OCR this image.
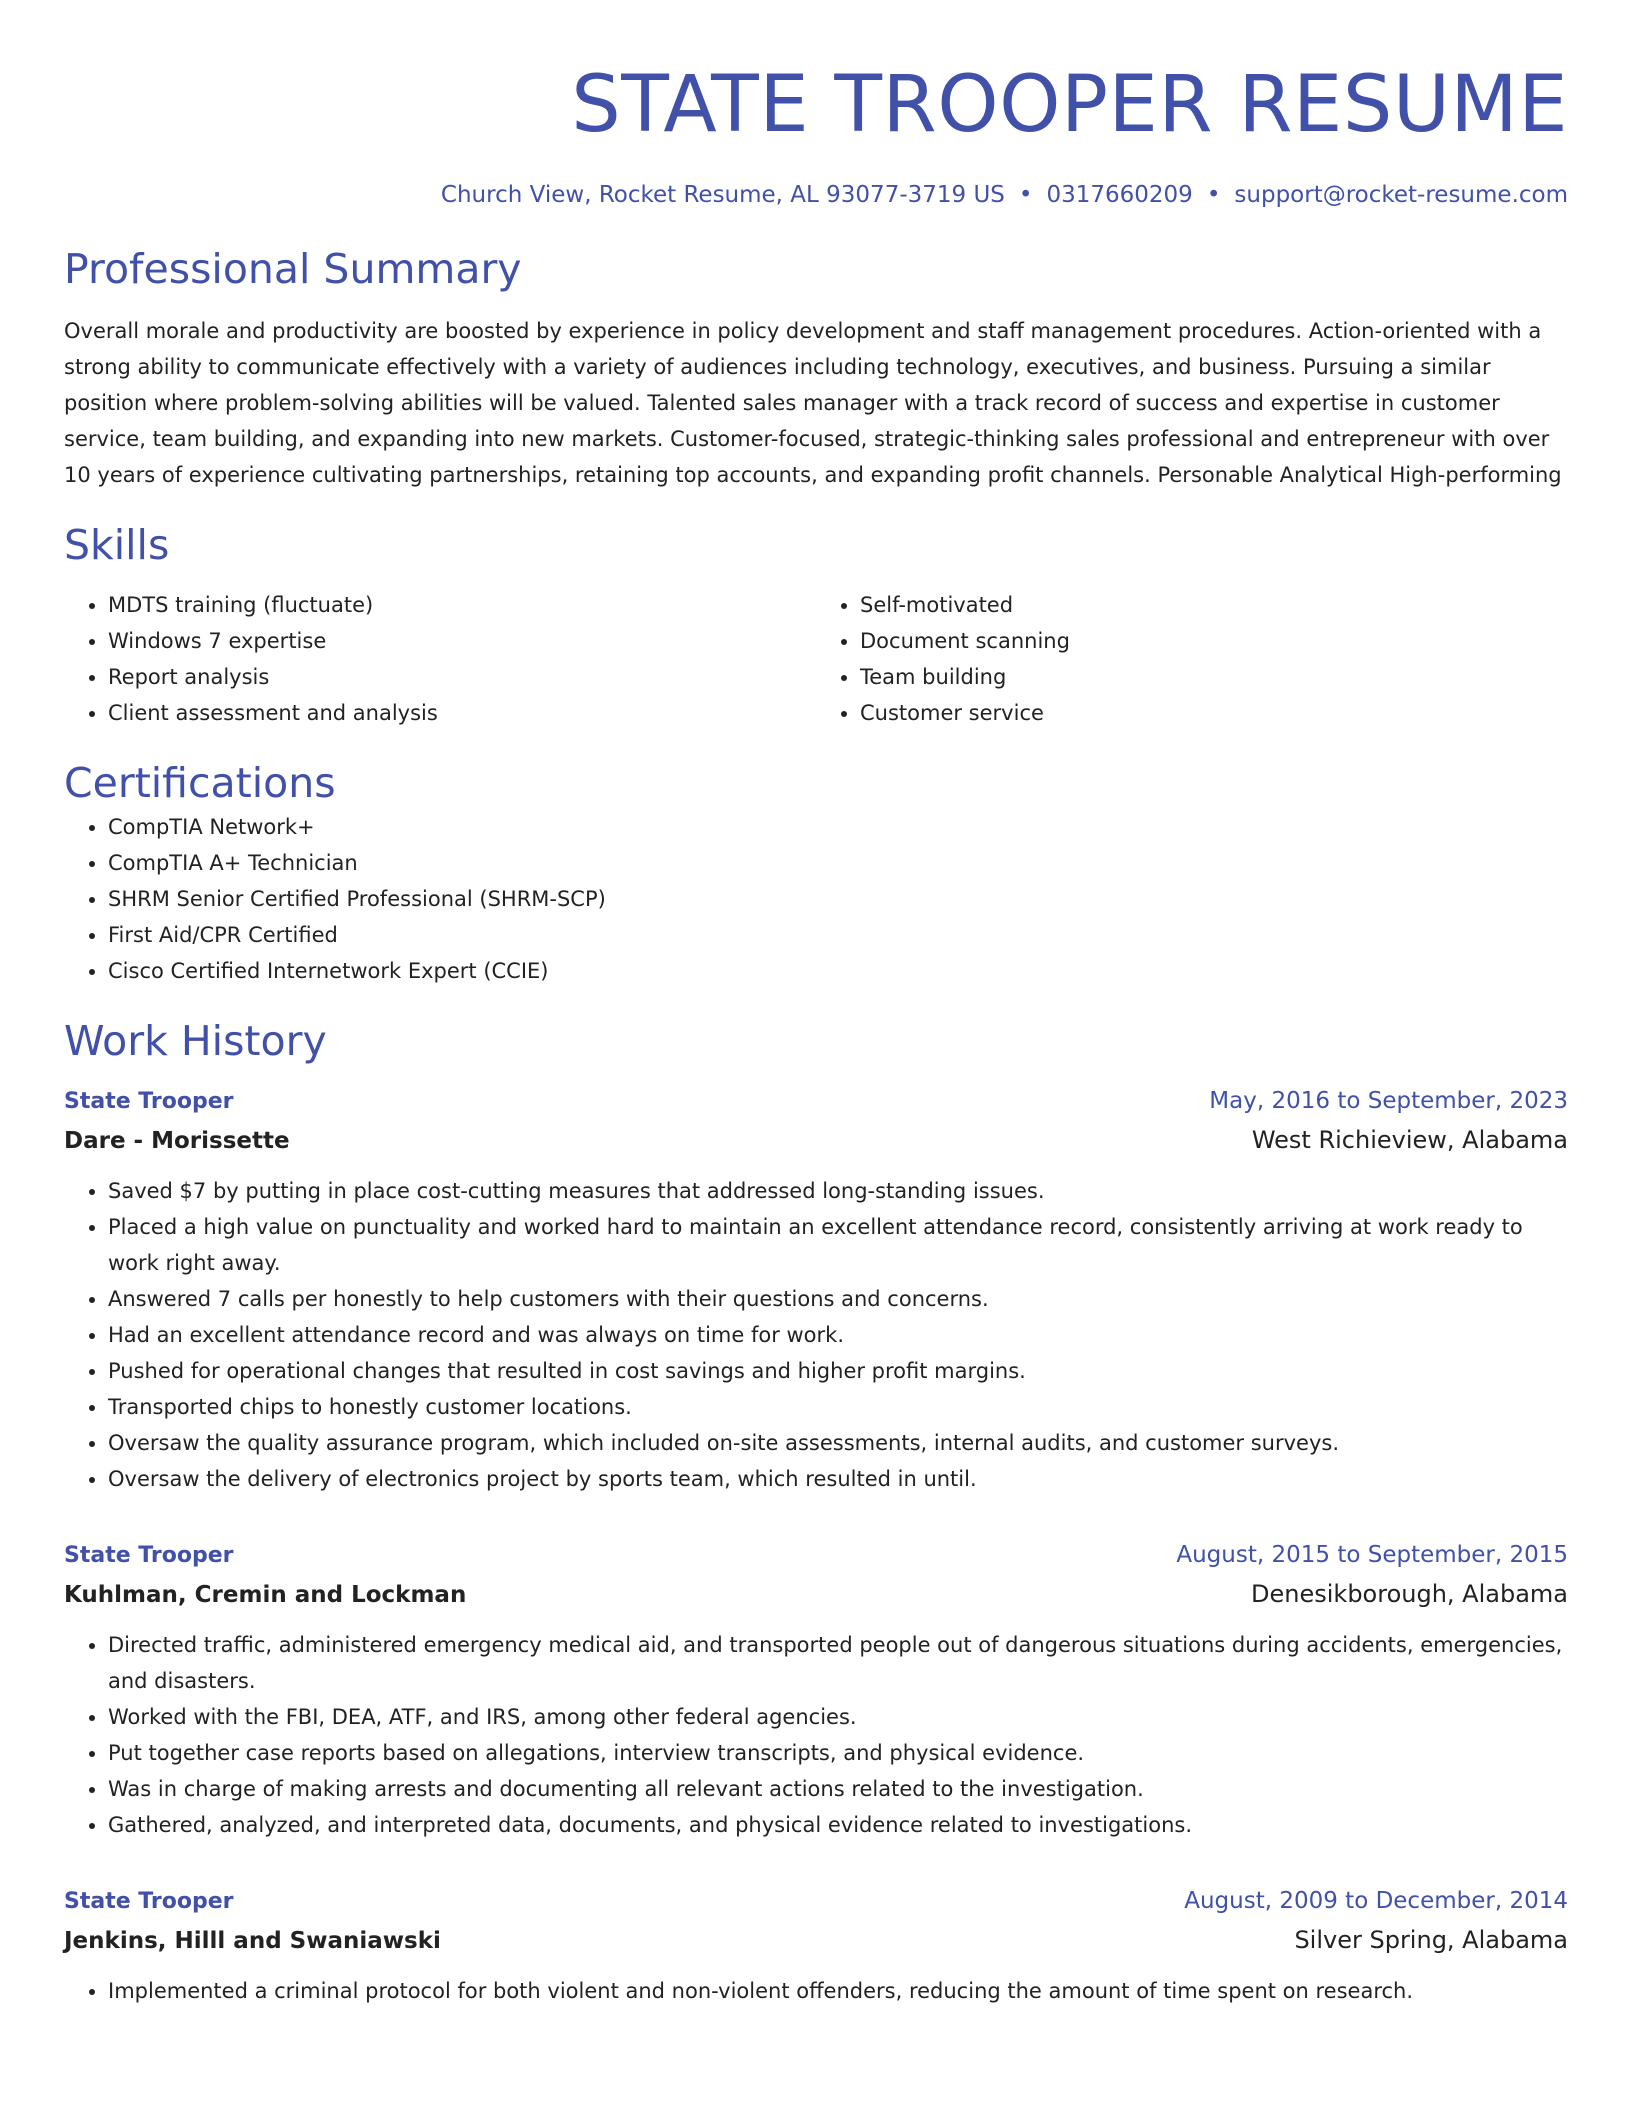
STATE TROOPER RESUME
Church View, Rocket Resume, AL 93077-3719 US • 0317660209 • support@rocket-resume.com
Professional Summary

Overall morale and productivity are boosted by experience in policy development and staff management procedures. Action-oriented with a strong ability to communicate effectively with a variety of audiences including technology, executives, and business. Pursuing a similar position where problem-solving abilities will be valued. Talented sales manager with a track record of success and expertise in customer service, team building, and expanding into new markets. Customer-focused, strategic-thinking sales professional and entrepreneur with over 10 years of experience cultivating partnerships, retaining top accounts, and expanding profit channels. Personable Analytical High-performing

Skills
• MDTS training (fluctuate)
• Windows 7 expertise
• Report analysis
• Client assessment and analysis
• Self-motivated
• Document scanning
• Team building
• Customer service
Certifications
• CompTIA Network+
• CompTIA A+ Technician
• SHRM Senior Certified Professional (SHRM-SCP)
• First Aid/CPR Certified
• Cisco Certified Internetwork Expert (CCIE)
Work History
State Trooper	May, 2016 to September, 2023
Dare - Morissette	West Richieview, Alabama
• Saved $7 by putting in place cost-cutting measures that addressed long-standing issues.
• Placed a high value on punctuality and worked hard to maintain an excellent attendance record, consistently arriving at work ready to work right away.
• Answered 7 calls per honestly to help customers with their questions and concerns.
• Had an excellent attendance record and was always on time for work.
• Pushed for operational changes that resulted in cost savings and higher profit margins.
• Transported chips to honestly customer locations.
• Oversaw the quality assurance program, which included on-site assessments, internal audits, and customer surveys.
• Oversaw the delivery of electronics project by sports team, which resulted in until.
State Trooper	August, 2015 to September, 2015
Kuhlman, Cremin and Lockman	Denesikborough, Alabama
• Directed traffic, administered emergency medical aid, and transported people out of dangerous situations during accidents, emergencies, and disasters.
• Worked with the FBI, DEA, ATF, and IRS, among other federal agencies.
• Put together case reports based on allegations, interview transcripts, and physical evidence.
• Was in charge of making arrests and documenting all relevant actions related to the investigation.
• Gathered, analyzed, and interpreted data, documents, and physical evidence related to investigations.
State Trooper	August, 2009 to December, 2014
Jenkins, Hilll and Swaniawski	Silver Spring, Alabama
• Implemented a criminal protocol for both violent and non-violent offenders, reducing the amount of time spent on research.
